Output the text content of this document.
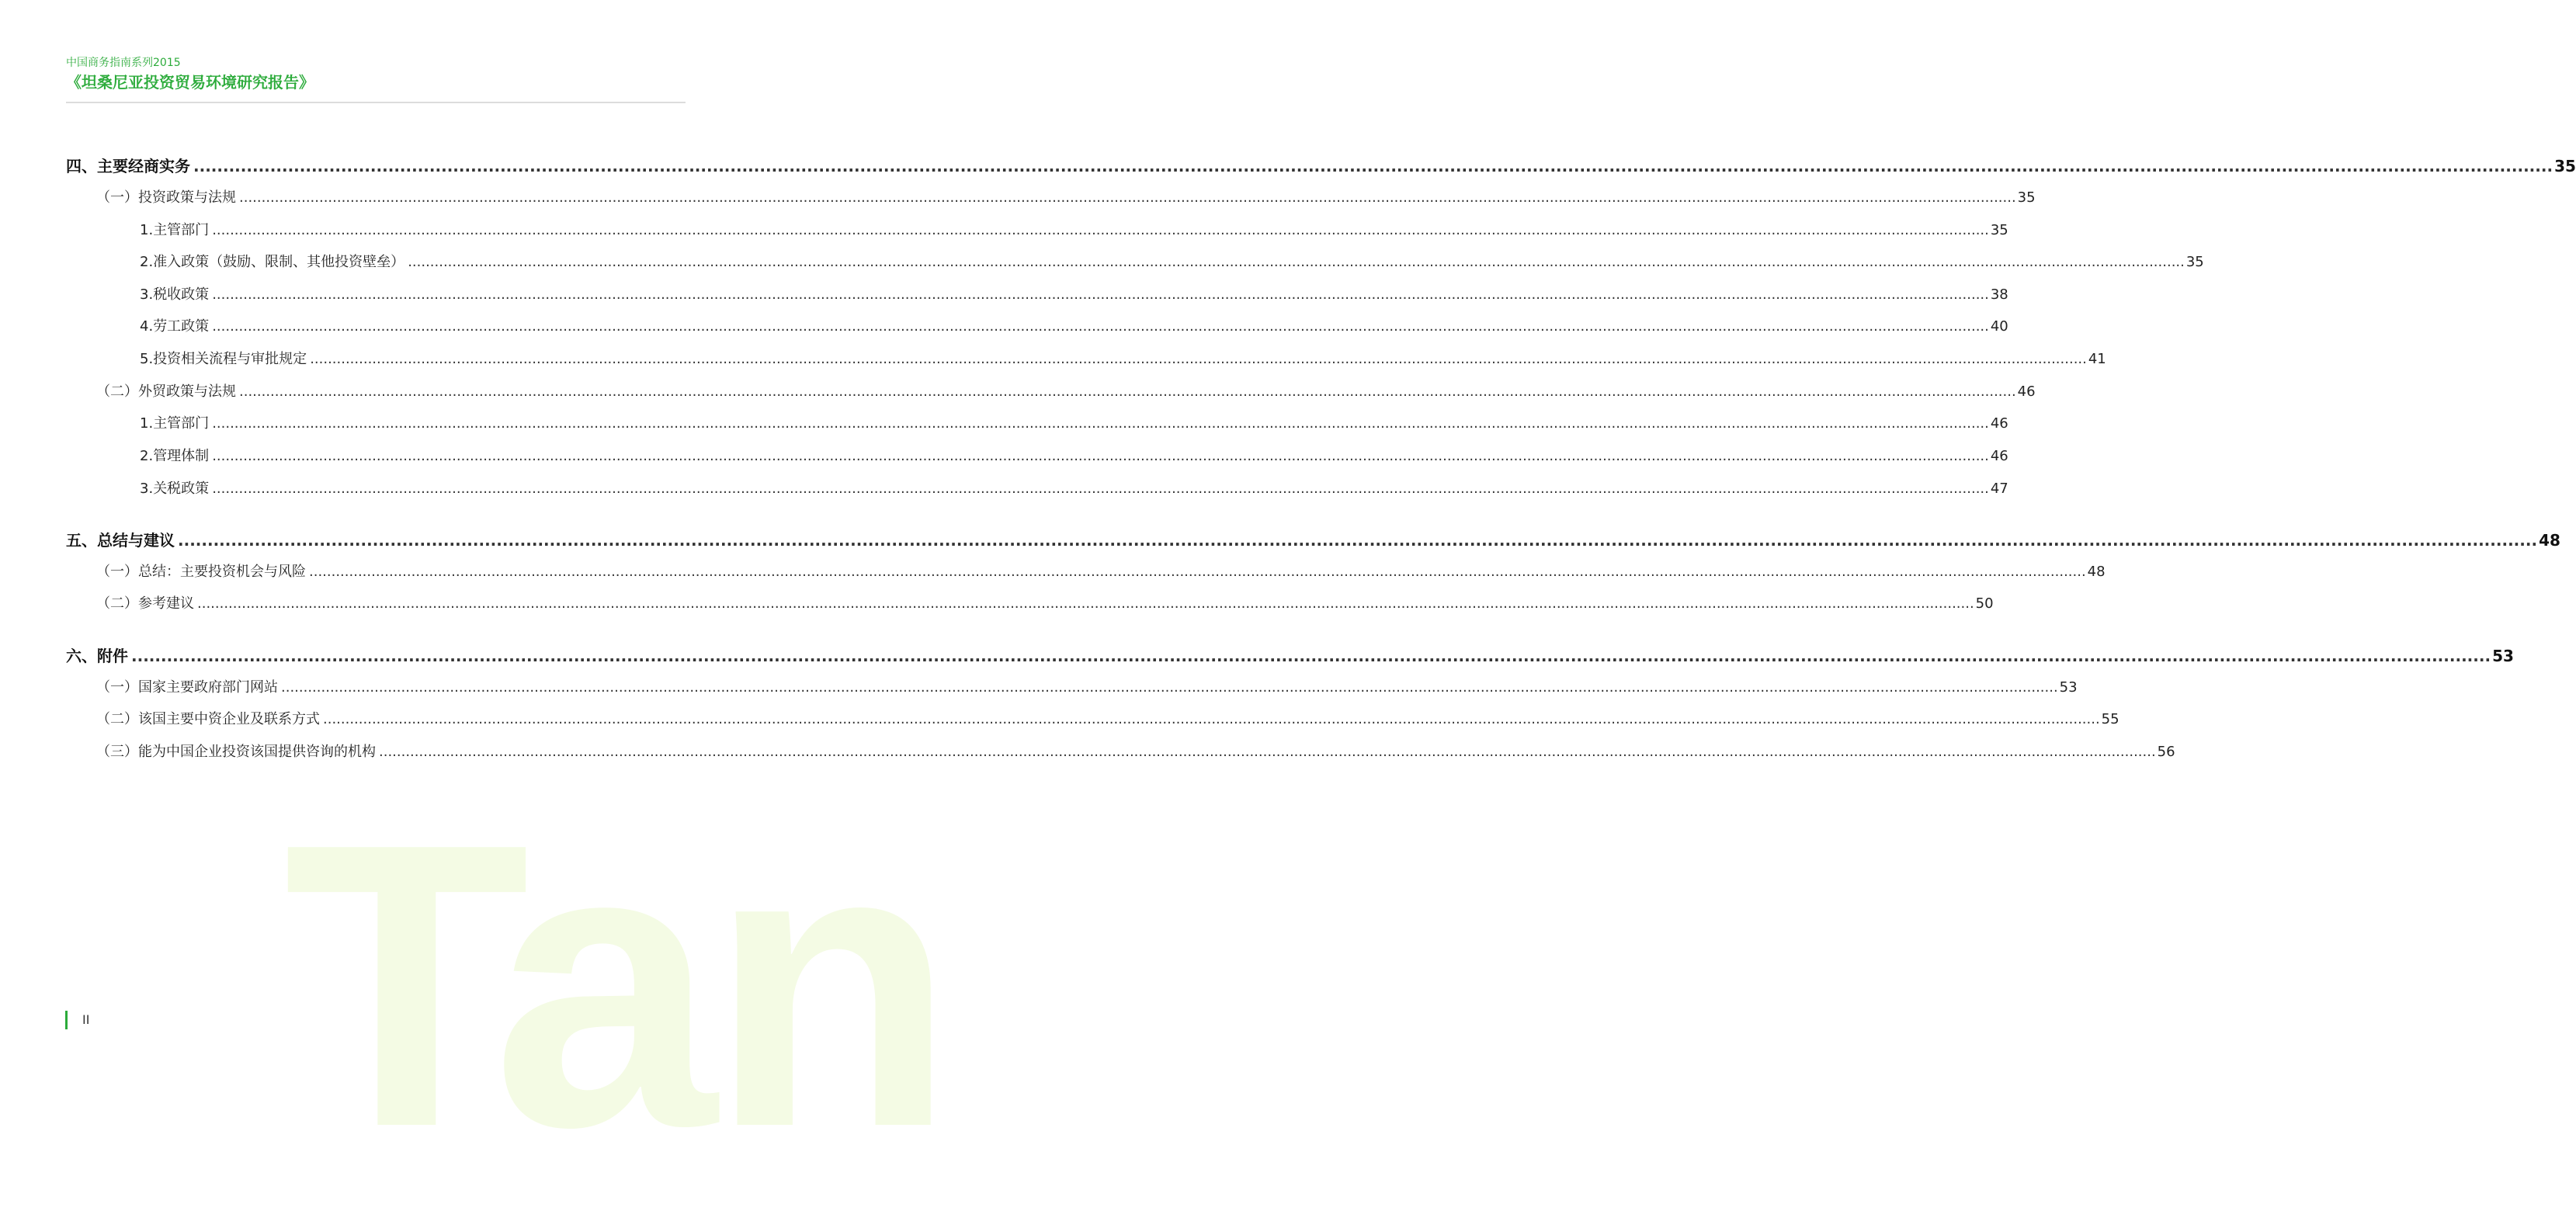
Tan
中国商务指南系列2015
《坦桑尼亚投资贸易环境研究报告》
四、主要经商实务 ................................................................................................................................................................................................................................................................................................................................................................................................................ 35
（一）投资政策与法规 ................................................................................................................................................................................................................................................................................................................................................................................................................ 35
1. 主管部门 ................................................................................................................................................................................................................................................................................................................................................................................................................ 35
2. 准入政策（鼓励、限制、其他投资壁垒） ................................................................................................................................................................................................................................................................................................................................................................................................................ 35
3. 税收政策 ................................................................................................................................................................................................................................................................................................................................................................................................................ 38
4. 劳工政策 ................................................................................................................................................................................................................................................................................................................................................................................................................ 40
5. 投资相关流程与审批规定 ................................................................................................................................................................................................................................................................................................................................................................................................................ 41
（二）外贸政策与法规 ................................................................................................................................................................................................................................................................................................................................................................................................................ 46
1. 主管部门 ................................................................................................................................................................................................................................................................................................................................................................................................................ 46
2. 管理体制 ................................................................................................................................................................................................................................................................................................................................................................................................................ 46
3. 关税政策 ................................................................................................................................................................................................................................................................................................................................................................................................................ 47
五、总结与建议 ................................................................................................................................................................................................................................................................................................................................................................................................................ 48
（一）总结：主要投资机会与风险 ................................................................................................................................................................................................................................................................................................................................................................................................................ 48
（二）参考建议 ................................................................................................................................................................................................................................................................................................................................................................................................................ 50
六、附件 ................................................................................................................................................................................................................................................................................................................................................................................................................ 53
（一）国家主要政府部门网站 ................................................................................................................................................................................................................................................................................................................................................................................................................ 53
（二）该国主要中资企业及联系方式 ................................................................................................................................................................................................................................................................................................................................................................................................................ 55
（三）能为中国企业投资该国提供咨询的机构 ................................................................................................................................................................................................................................................................................................................................................................................................................ 56
II
